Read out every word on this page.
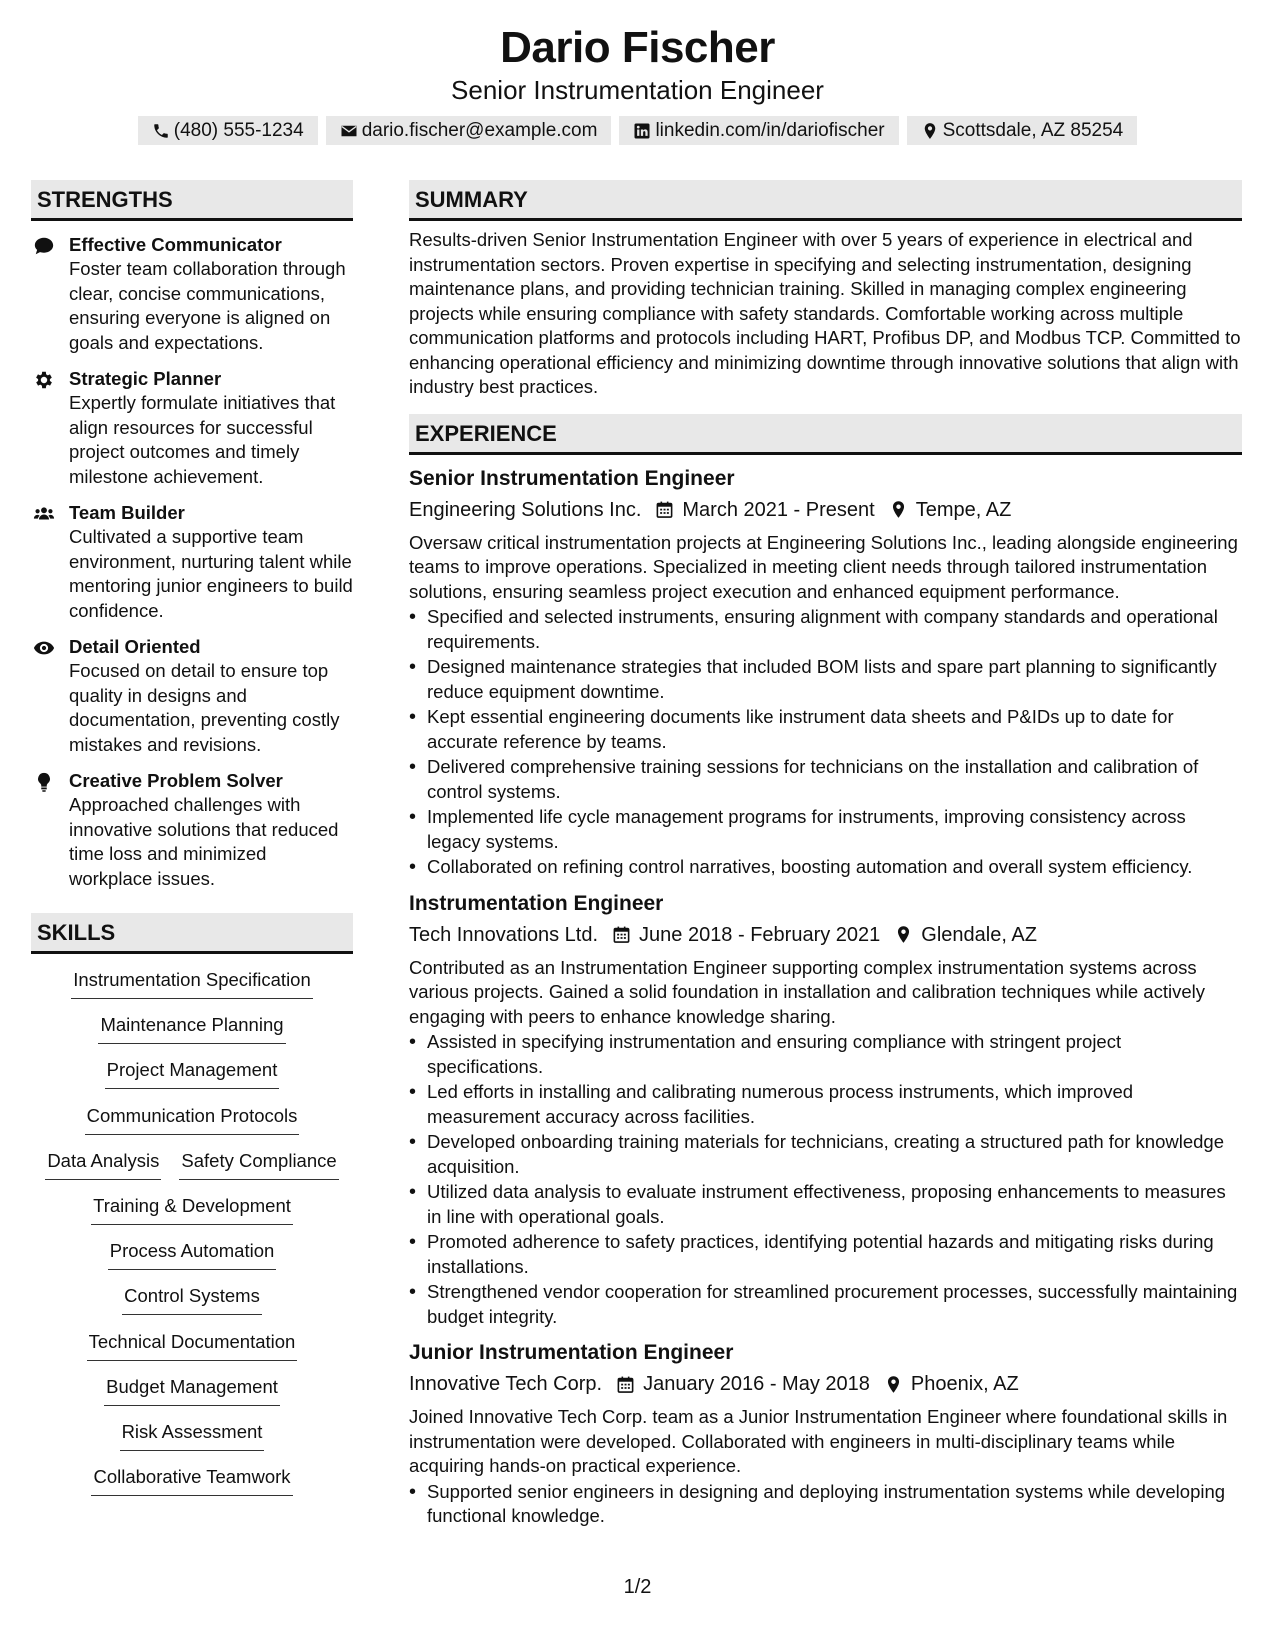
Dario Fischer
Senior Instrumentation Engineer
(480) 555-1234	dario.fischer@example.com	linkedin.com/in/dariofischer	Scottsdale, AZ 85254
STRENGTHS
Effective Communicator
Foster team collaboration through clear, concise communications, ensuring everyone is aligned on goals and expectations.
Strategic Planner
Expertly formulate initiatives that align resources for successful project outcomes and timely milestone achievement.
Team Builder
Cultivated a supportive team environment, nurturing talent while mentoring junior engineers to build confidence.
Detail Oriented
Focused on detail to ensure top quality in designs and documentation, preventing costly mistakes and revisions.
Creative Problem Solver
Approached challenges with innovative solutions that reduced time loss and minimized workplace issues.
SKILLS
Instrumentation Specification
Maintenance Planning
Project Management
Communication Protocols
Data Analysis Safety Compliance
Training & Development
Process Automation
Control Systems
Technical Documentation
Budget Management
Risk Assessment
Collaborative Teamwork
SUMMARY
Results-driven Senior Instrumentation Engineer with over 5 years of experience in electrical and instrumentation sectors. Proven expertise in specifying and selecting instrumentation, designing maintenance plans, and providing technician training. Skilled in managing complex engineering projects while ensuring compliance with safety standards. Comfortable working across multiple communication platforms and protocols including HART, Profibus DP, and Modbus TCP. Committed to enhancing operational efficiency and minimizing downtime through innovative solutions that align with industry best practices.
EXPERIENCE
Senior Instrumentation Engineer
Engineering Solutions Inc. March 2021 - Present Tempe, AZ
Oversaw critical instrumentation projects at Engineering Solutions Inc., leading alongside engineering teams to improve operations. Specialized in meeting client needs through tailored instrumentation solutions, ensuring seamless project execution and enhanced equipment performance.
• Specified and selected instruments, ensuring alignment with company standards and operational requirements.
• Designed maintenance strategies that included BOM lists and spare part planning to significantly reduce equipment downtime.
• Kept essential engineering documents like instrument data sheets and P&IDs up to date for accurate reference by teams.
• Delivered comprehensive training sessions for technicians on the installation and calibration of control systems.
• Implemented life cycle management programs for instruments, improving consistency across legacy systems.
• Collaborated on refining control narratives, boosting automation and overall system efficiency.
Instrumentation Engineer
Tech Innovations Ltd. June 2018 - February 2021 Glendale, AZ
Contributed as an Instrumentation Engineer supporting complex instrumentation systems across various projects. Gained a solid foundation in installation and calibration techniques while actively engaging with peers to enhance knowledge sharing.
• Assisted in specifying instrumentation and ensuring compliance with stringent project specifications.
• Led efforts in installing and calibrating numerous process instruments, which improved measurement accuracy across facilities.
• Developed onboarding training materials for technicians, creating a structured path for knowledge acquisition.
• Utilized data analysis to evaluate instrument effectiveness, proposing enhancements to measures in line with operational goals.
• Promoted adherence to safety practices, identifying potential hazards and mitigating risks during installations.
• Strengthened vendor cooperation for streamlined procurement processes, successfully maintaining budget integrity.
Junior Instrumentation Engineer
Innovative Tech Corp. January 2016 - May 2018 Phoenix, AZ
Joined Innovative Tech Corp. team as a Junior Instrumentation Engineer where foundational skills in instrumentation were developed. Collaborated with engineers in multi-disciplinary teams while acquiring hands-on practical experience.
• Supported senior engineers in designing and deploying instrumentation systems while developing functional knowledge.
1/2
